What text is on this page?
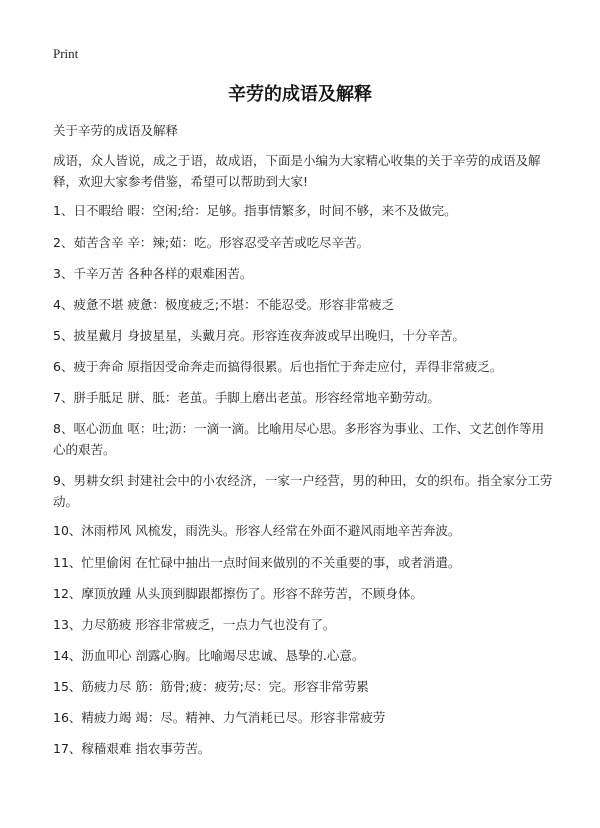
Print
辛劳的成语及解释
关于辛劳的成语及解释
成语，众人皆说，成之于语，故成语，下面是小编为大家精心收集的关于辛劳的成语及解释，欢迎大家参考借鉴，希望可以帮助到大家!
1、日不暇给 暇：空闲;给：足够。指事情繁多，时间不够，来不及做完。
2、茹苦含辛 辛：辣;茹：吃。形容忍受辛苦或吃尽辛苦。
3、千辛万苦 各种各样的艰难困苦。
4、疲惫不堪 疲惫：极度疲乏;不堪：不能忍受。形容非常疲乏
5、披星戴月 身披星星，头戴月亮。形容连夜奔波或早出晚归，十分辛苦。
6、疲于奔命 原指因受命奔走而搞得很累。后也指忙于奔走应付，弄得非常疲乏。
7、胼手胝足 胼、胝：老茧。手脚上磨出老茧。形容经常地辛勤劳动。
8、呕心沥血 呕：吐;沥：一滴一滴。比喻用尽心思。多形容为事业、工作、文艺创作等用心的艰苦。
9、男耕女织 封建社会中的小农经济，一家一户经营，男的种田，女的织布。指全家分工劳动。
10、沐雨栉风 风梳发，雨洗头。形容人经常在外面不避风雨地辛苦奔波。
11、忙里偷闲 在忙碌中抽出一点时间来做别的不关重要的事，或者消遣。
12、摩顶放踵 从头顶到脚跟都擦伤了。形容不辞劳苦，不顾身体。
13、力尽筋疲 形容非常疲乏，一点力气也没有了。
14、沥血叩心 剖露心胸。比喻竭尽忠诚、恳挚的.心意。
15、筋疲力尽 筋：筋骨;疲：疲劳;尽：完。形容非常劳累
16、精疲力竭 竭：尽。精神、力气消耗已尽。形容非常疲劳
17、稼穑艰难 指农事劳苦。
